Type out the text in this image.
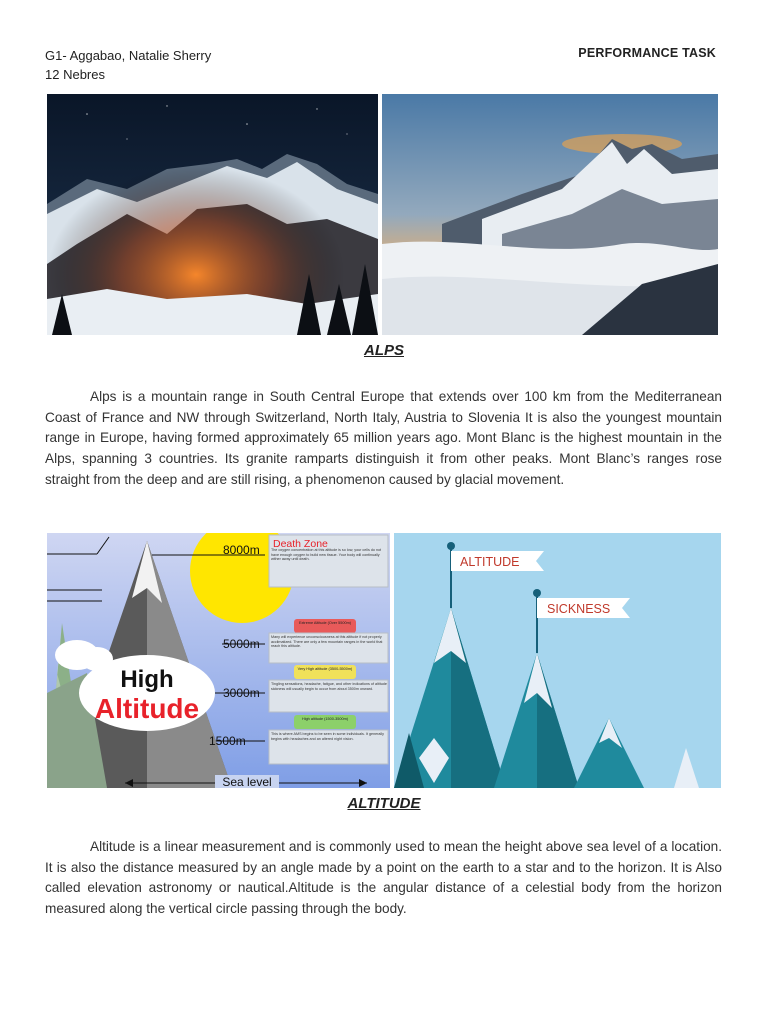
G1- Aggabao, Natalie Sherry
12 Nebres
PERFORMANCE TASK
ALPS
Alps is a mountain range in South Central Europe that extends over 100 km from the Mediterranean Coast of France and NW through Switzerland, North Italy, Austria to Slovenia It is also the youngest mountain range in Europe, having formed approximately 65 million years ago. Mont Blanc is the highest mountain in the Alps, spanning 3 countries. Its granite ramparts distinguish it from other peaks. Mont Blanc’s ranges rose straight from the deep and are still rising, a phenomenon caused by glacial movement.
High
Altitude
8000m
5000m
3000m
1500m
Sea level
Death Zone
The oxygen concentration at this altitude is so low, your cells do not have enough oxygen to build new tissue. Your body will continually wither away until death.
Extreme Altitude (Over 5500m)
Many will experience unconsciousness at this altitude if not properly acclimatized. There are only a few mountain ranges in the world that reach this altitude.
Very High altitude (3500-5500m)
Tingling sensations, headache, fatigue, and other indications of altitude sickness will usually begin to occur from about 3500m onward.
High altitude (1500-3500m)
This is where AMS begins to be seen in some individuals. It generally begins with headaches and an altered night vision.
ALTITUDE
SICKNESS
ALTITUDE
Altitude is a linear measurement and is commonly used to mean the height above sea level of a location. It is also the distance measured by an angle made by a point on the earth to a star and to the horizon. It is Also called elevation astronomy or nautical.Altitude is the angular distance of a celestial body from the horizon measured along the vertical circle passing through the body.
